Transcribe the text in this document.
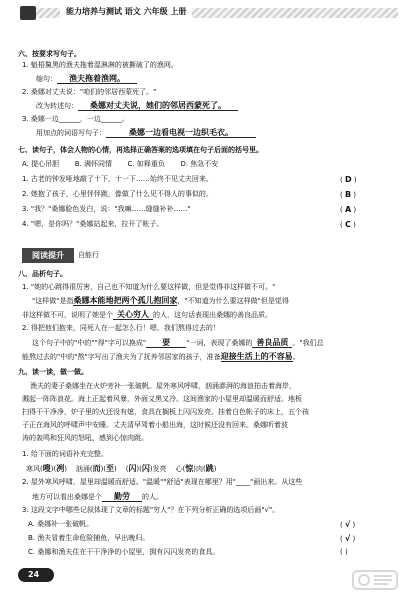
能力培养与测试 语文 六年级 上册
六、按要求写句子。
1. 魁梧黧黑的渔夫拖着湿淋淋的被撕破了的渔网。
缩句： 渔夫拖着渔网。
2. 桑娜对丈夫说："咱们的邻居西蒙死了。"
改为转述句： 桑娜对丈夫说，她们的邻居西蒙死了。
3. 桑娜一边______，一边______。
用加点的词语写句子：	桑娜一边看电视一边织毛衣。
七、读句子，体会人物的心情，再选择正确答案的选项填在句子后面的括号里。
A. 提心吊胆 B. 满怀同情 C. 如释重负 D. 焦急不安
1. 古老的钟发哑地敲了十下，十一下……始终不见丈夫回来。	( D )
2. 她抱了孩子，心里怦怦跳，像做了什么见不得人的事似的。	( B )
3. "我？"桑娜脸色发白，说："我嘛……缝缝补补……"	( A )
4. "嗯，是你吗？"桑娜站起来，拉开了帐子。	( C )
阅读提升	自能行
八、品析句子。
1. "她的心跳得很厉害，自己也不知道为什么要这样做，但是觉得非这样做不可。"
"这样做"是指桑娜本能地把两个孤儿抱回家，"不知道为什么要这样做"但是觉得
非这样做不可，说明了她是个 关心穷人 的人，这句话表现出桑娜的善良品质。
2. 得把他们抱来，同死人在一起怎么行！嗯，我们熬得过去的！
这个句子中的"中的""得"字可以换成" 要 "一词，表现了桑娜的 善良品质 。"我们总
能熬过去的"中的"熬"字写出了渔夫为了抚养邻居家的孩子，准备迎接生活上的不容易。
九、读一读，做一做。
渔夫的妻子桑娜坐在火炉旁补一张破帆。屋外寒风呼啸，汹涌澎湃的海浪拍击着海岸，
溅起一阵阵浪花。海上正起着风暴，外面又黑又冷。这间渔家的小屋里却温暖而舒适。地板
扫得干干净净，炉子里的火还没有熄，食具在搁板上闪闪发亮。挂着白色帐子的床上，五个孩
子正在海风的呼啸声中安睡。丈夫清早驾着小船出海，这时候还没有回来。桑娜听着波
涛的轰鸣和狂风的怒吼，感到心惊肉跳。
1. 给下面的词语补充完整。
寒风(嗖)(冽) 汹涌(而)(至) (闪)(闪)发亮 心(惊)肉(跳)
2. 屋外寒风呼啸，屋里却温暖而舒适。"温暖""舒适"表现在哪里？用"____"画出来。从这些
地方可以看出桑娜是个 勤劳 的人。
3. 这段文字中哪些记叙体现了文章的标题"穷人"？在下列分析正确的选项后画"√"。
A. 桑娜补一张破帆。	( √ )
B. 渔夫冒着生命危险捕鱼，早出晚归。	( √ )
C. 桑娜和渔夫住在干干净净的小屋里，拥有闪闪发亮的食具。	( )
24
